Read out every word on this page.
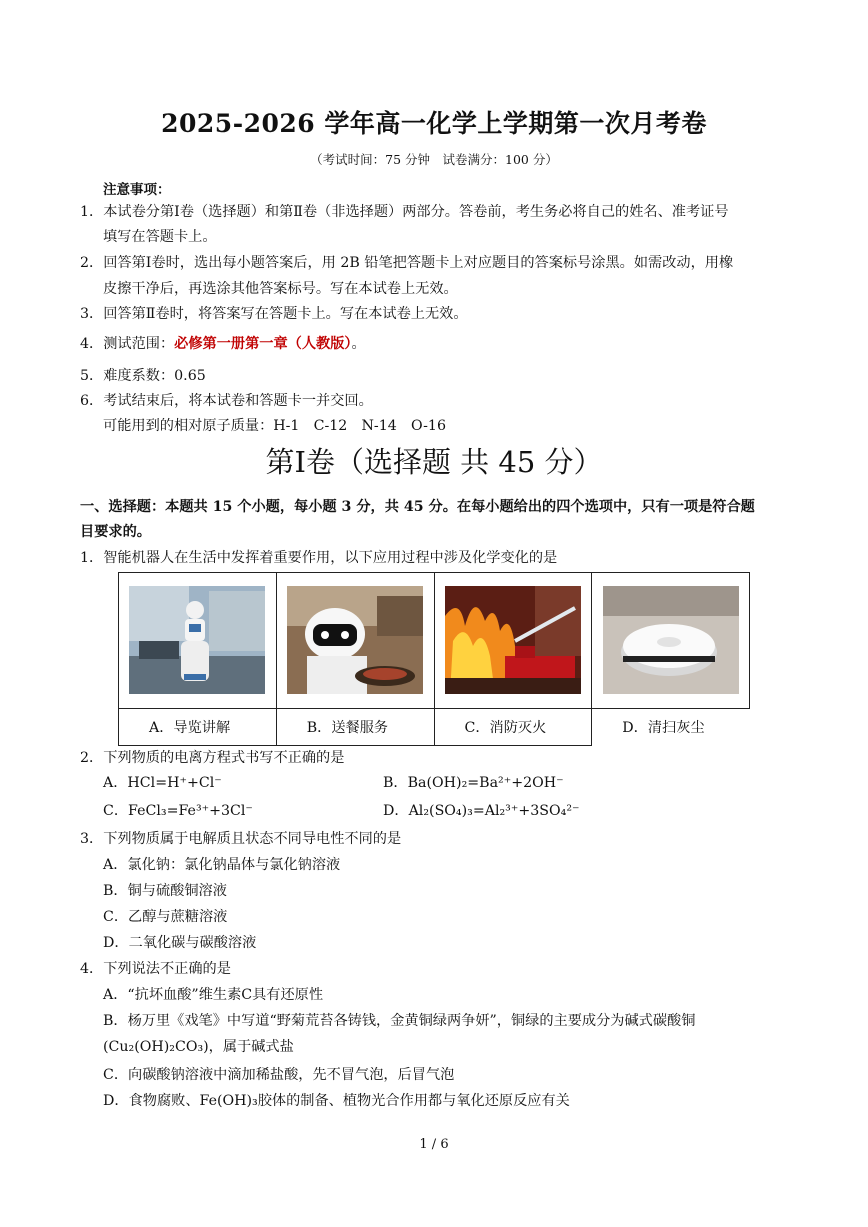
2025-2026 学年高一化学上学期第一次月考卷
（考试时间：75 分钟　试卷满分：100 分）
注意事项：
1．本试卷分第Ⅰ卷（选择题）和第Ⅱ卷（非选择题）两部分。答卷前，考生务必将自己的姓名、准考证号
填写在答题卡上。
2．回答第Ⅰ卷时，选出每小题答案后，用 2B 铅笔把答题卡上对应题目的答案标号涂黑。如需改动，用橡
皮擦干净后，再选涂其他答案标号。写在本试卷上无效。
3．回答第Ⅱ卷时，将答案写在答题卡上。写在本试卷上无效。
4．测试范围：必修第一册第一章（人教版）。
5．难度系数：0.65
6．考试结束后，将本试卷和答题卡一并交回。
可能用到的相对原子质量：H-1　C-12　N-14　O-16
第Ⅰ卷（选择题 共 45 分）
一、选择题：本题共 15 个小题，每小题 3 分，共 45 分。在每小题给出的四个选项中，只有一项是符合题
目要求的。
1．智能机器人在生活中发挥着重要作用，以下应用过程中涉及化学变化的是

A．导览讲解	B．送餐服务	C．消防灭火	D．清扫灰尘
2．下列物质的电离方程式书写不正确的是
A．HCl=H⁺+Cl⁻	B．Ba(OH)₂=Ba²⁺+2OH⁻
C．FeCl₃=Fe³⁺+3Cl⁻	D．Al₂(SO₄)₃=Al₂³⁺+3SO₄²⁻
3．下列物质属于电解质且状态不同导电性不同的是
A．氯化钠：氯化钠晶体与氯化钠溶液
B．铜与硫酸铜溶液
C．乙醇与蔗糖溶液
D．二氧化碳与碳酸溶液
4．下列说法不正确的是
A．“抗坏血酸”维生素C具有还原性
B．杨万里《戏笔》中写道“野菊荒苔各铸钱，金黄铜绿两争妍”，铜绿的主要成分为碱式碳酸铜
(Cu₂(OH)₂CO₃)，属于碱式盐
C．向碳酸钠溶液中滴加稀盐酸，先不冒气泡，后冒气泡
D．食物腐败、Fe(OH)₃胶体的制备、植物光合作用都与氧化还原反应有关
1 / 6
